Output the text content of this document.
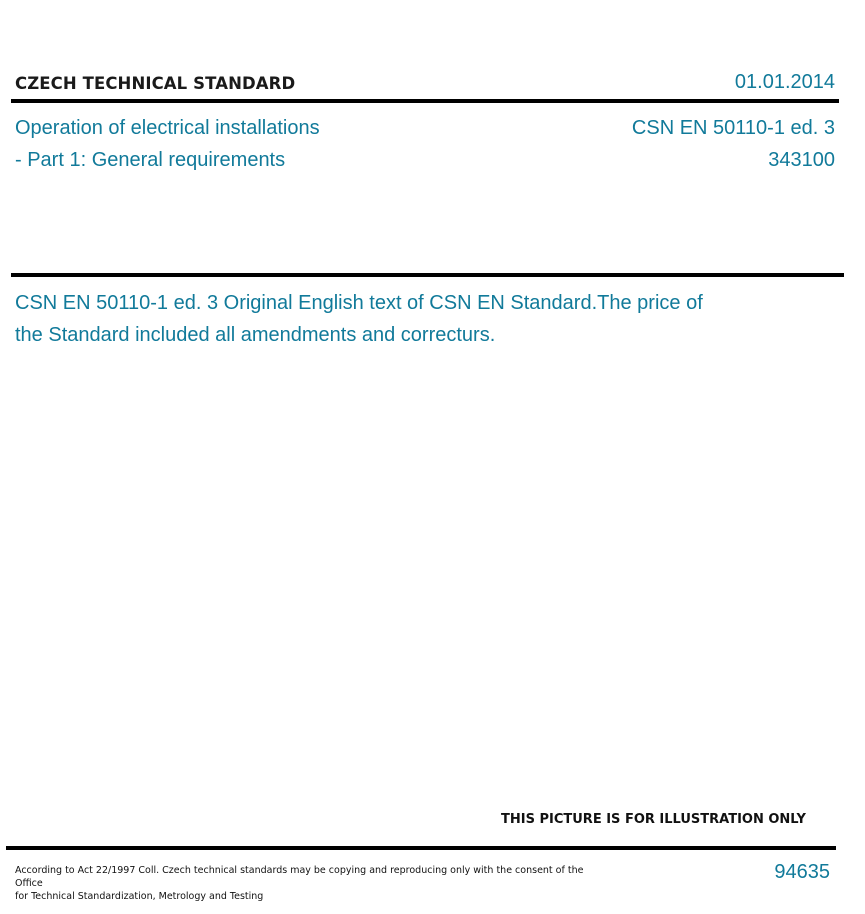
CZECH TECHNICAL STANDARD	01.01.2014
Operation of electrical installations
- Part 1: General requirements
CSN EN 50110-1 ed. 3
343100
CSN EN 50110-1 ed. 3 Original English text of CSN EN Standard.The price of the Standard included all amendments and correcturs.
THIS PICTURE IS FOR ILLUSTRATION ONLY
According to Act 22/1997 Coll. Czech technical standards may be copying and reproducing only with the consent of the Office
for Technical Standardization, Metrology and Testing
94635
